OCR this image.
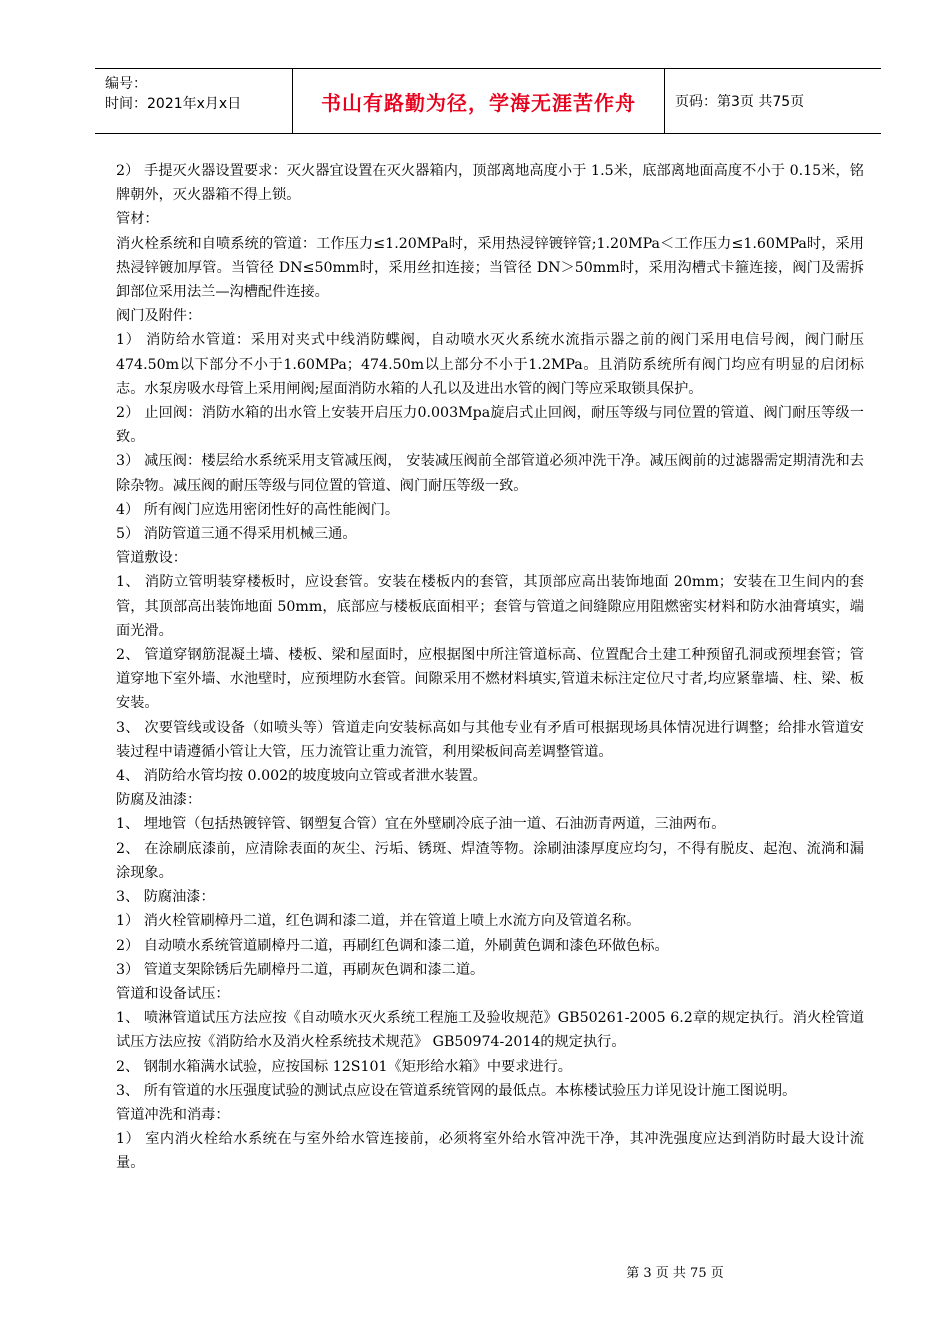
编号：
时间：2021年x月x日	书山有路勤为径，学海无涯苦作舟	页码：第3页 共75页

2） 手提灭火器设置要求：灭火器宜设置在灭火器箱内，顶部离地高度小于 1.5米，底部离地面高度不小于 0.15米，铭牌朝外，灭火器箱不得上锁。

管材：

消火栓系统和自喷系统的管道：工作压力≤1.20MPa时，采用热浸锌镀锌管;1.20MPa＜工作压力≤1.60MPa时，采用热浸锌镀加厚管。当管径 DN≤50mm时，采用丝扣连接；当管径 DN＞50mm时，采用沟槽式卡箍连接，阀门及需拆卸部位采用法兰—沟槽配件连接。

阀门及附件：

1） 消防给水管道：采用对夹式中线消防蝶阀，自动喷水灭火系统水流指示器之前的阀门采用电信号阀，阀门耐压474.50m以下部分不小于1.60MPa；474.50m以上部分不小于1.2MPa。且消防系统所有阀门均应有明显的启闭标志。水泵房吸水母管上采用闸阀;屋面消防水箱的人孔以及进出水管的阀门等应采取锁具保护。

2） 止回阀：消防水箱的出水管上安装开启压力0.003Mpa旋启式止回阀，耐压等级与同位置的管道、阀门耐压等级一致。

3） 减压阀：楼层给水系统采用支管减压阀， 安装减压阀前全部管道必须冲洗干净。减压阀前的过滤器需定期清洗和去除杂物。减压阀的耐压等级与同位置的管道、阀门耐压等级一致。

4） 所有阀门应选用密闭性好的高性能阀门。

5） 消防管道三通不得采用机械三通。

管道敷设：

1、 消防立管明装穿楼板时，应设套管。安装在楼板内的套管，其顶部应高出装饰地面 20mm；安装在卫生间内的套管，其顶部高出装饰地面 50mm，底部应与楼板底面相平；套管与管道之间缝隙应用阻燃密实材料和防水油膏填实，端面光滑。

2、 管道穿钢筋混凝土墙、楼板、梁和屋面时，应根据图中所注管道标高、位置配合土建工种预留孔洞或预埋套管；管道穿地下室外墙、水池壁时，应预埋防水套管。间隙采用不燃材料填实,管道未标注定位尺寸者,均应紧靠墙、柱、梁、板安装。

3、 次要管线或设备（如喷头等）管道走向安装标高如与其他专业有矛盾可根据现场具体情况进行调整；给排水管道安装过程中请遵循小管让大管，压力流管让重力流管，利用梁板间高差调整管道。

4、 消防给水管均按 0.002的坡度坡向立管或者泄水装置。

防腐及油漆：

1、 埋地管（包括热镀锌管、钢塑复合管）宜在外壁刷冷底子油一道、石油沥青两道，三油两布。

2、 在涂刷底漆前，应清除表面的灰尘、污垢、锈斑、焊渣等物。涂刷油漆厚度应均匀，不得有脱皮、起泡、流淌和漏涂现象。

3、 防腐油漆：

1） 消火栓管刷樟丹二道，红色调和漆二道，并在管道上喷上水流方向及管道名称。

2） 自动喷水系统管道刷樟丹二道，再刷红色调和漆二道，外刷黄色调和漆色环做色标。

3） 管道支架除锈后先刷樟丹二道，再刷灰色调和漆二道。

管道和设备试压：

1、 喷淋管道试压方法应按《自动喷水灭火系统工程施工及验收规范》GB50261-2005 6.2章的规定执行。消火栓管道试压方法应按《消防给水及消火栓系统技术规范》 GB50974-2014的规定执行。

2、 钢制水箱满水试验，应按国标 12S101《矩形给水箱》中要求进行。

3、 所有管道的水压强度试验的测试点应设在管道系统管网的最低点。本栋楼试验压力详见设计施工图说明。

管道冲洗和消毒：

1） 室内消火栓给水系统在与室外给水管连接前，必须将室外给水管冲洗干净，其冲洗强度应达到消防时最大设计流量。

第 3 页 共 75 页
